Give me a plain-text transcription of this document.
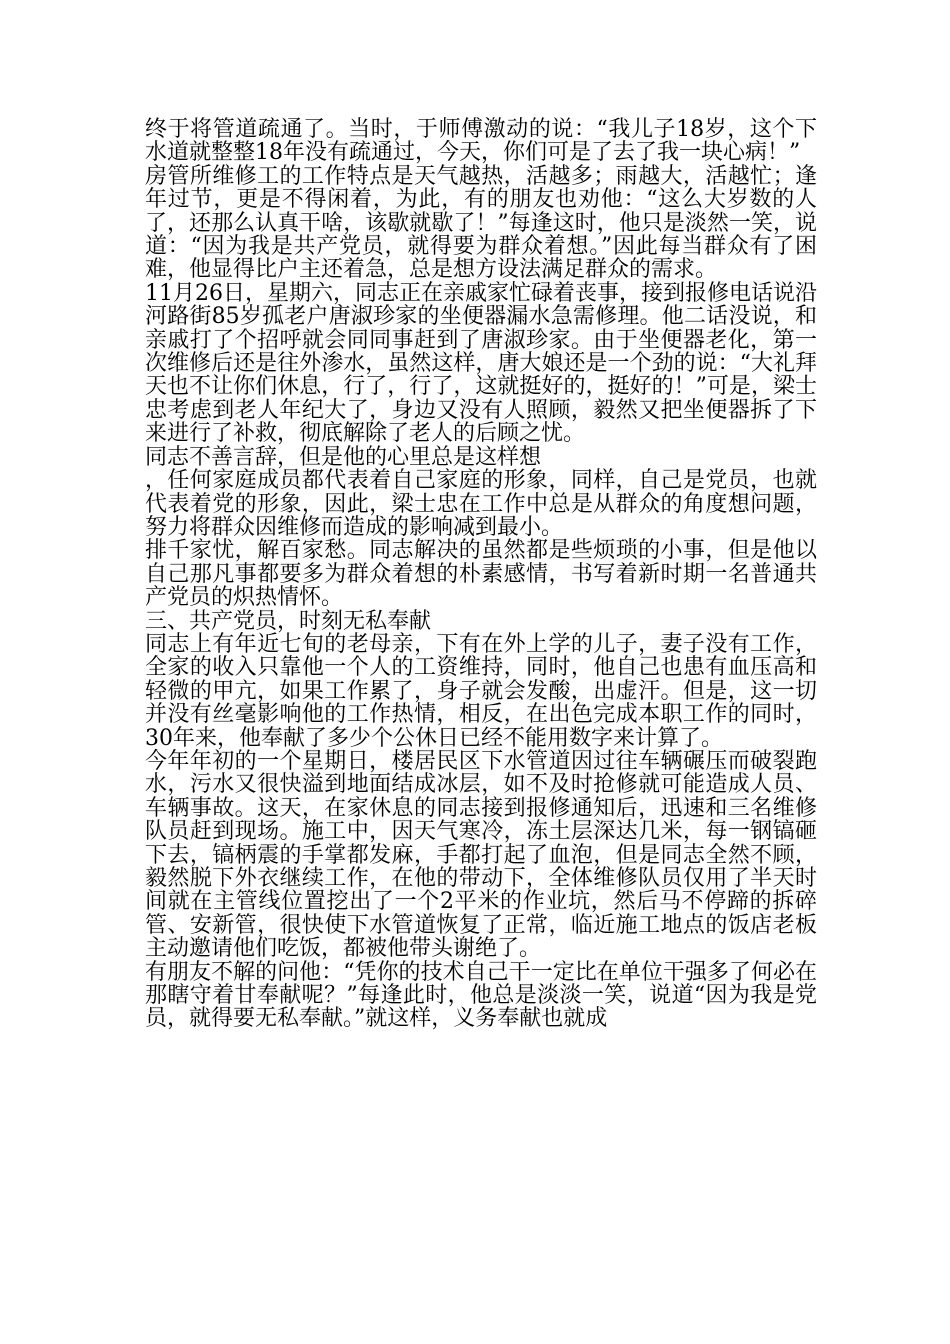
终于将管道疏通了。当时，于师傅激动的说：“我儿子18岁，这个下水道就整整18年没有疏通过，今天，你们可是了去了我一块心病！”

房管所维修工的工作特点是天气越热，活越多；雨越大，活越忙；逢年过节，更是不得闲着，为此，有的朋友也劝他：“这么大岁数的人了，还那么认真干啥，该歇就歇了！”每逢这时，他只是淡然一笑，说道：“因为我是共产党员，就得要为群众着想。”因此每当群众有了困难，他显得比户主还着急，总是想方设法满足群众的需求。

11月26日，星期六，同志正在亲戚家忙碌着丧事，接到报修电话说沿河路街85岁孤老户唐淑珍家的坐便器漏水急需修理。他二话没说，和亲戚打了个招呼就会同同事赶到了唐淑珍家。由于坐便器老化，第一次维修后还是往外渗水，虽然这样，唐大娘还是一个劲的说：“大礼拜天也不让你们休息，行了，行了，这就挺好的，挺好的！”可是，梁士忠考虑到老人年纪大了，身边又没有人照顾，毅然又把坐便器拆了下来进行了补救，彻底解除了老人的后顾之忧。

同志不善言辞，但是他的心里总是这样想

，任何家庭成员都代表着自己家庭的形象，同样，自己是党员，也就代表着党的形象，因此，梁士忠在工作中总是从群众的角度想问题，努力将群众因维修而造成的影响减到最小。

排千家忧，解百家愁。同志解决的虽然都是些烦琐的小事，但是他以自己那凡事都要多为群众着想的朴素感情，书写着新时期一名普通共产党员的炽热情怀。

三、共产党员，时刻无私奉献

同志上有年近七旬的老母亲，下有在外上学的儿子，妻子没有工作，全家的收入只靠他一个人的工资维持，同时，他自己也患有血压高和轻微的甲亢，如果工作累了，身子就会发酸，出虚汗。但是，这一切并没有丝毫影响他的工作热情，相反，在出色完成本职工作的同时，30年来，他奉献了多少个公休日已经不能用数字来计算了。

今年年初的一个星期日，楼居民区下水管道因过往车辆碾压而破裂跑水，污水又很快溢到地面结成冰层，如不及时抢修就可能造成人员、车辆事故。这天，在家休息的同志接到报修通知后，迅速和三名维修队员赶到现场。施工中，因天气寒冷，冻土层深达几米，每一钢镐砸下去，镐柄震的手掌都发麻，手都打起了血泡，但是同志全然不顾，毅然脱下外衣继续工作，在他的带动下，全体维修队员仅用了半天时间就在主管线位置挖出了一个2平米的作业坑，然后马不停蹄的拆碎管、安新管，很快使下水管道恢复了正常，临近施工地点的饭店老板主动邀请他们吃饭，都被他带头谢绝了。

有朋友不解的问他：“凭你的技术自己干一定比在单位干强多了何必在那瞎守着甘奉献呢？”每逢此时，他总是淡淡一笑，说道“因为我是党员，就得要无私奉献。”就这样，义务奉献也就成
